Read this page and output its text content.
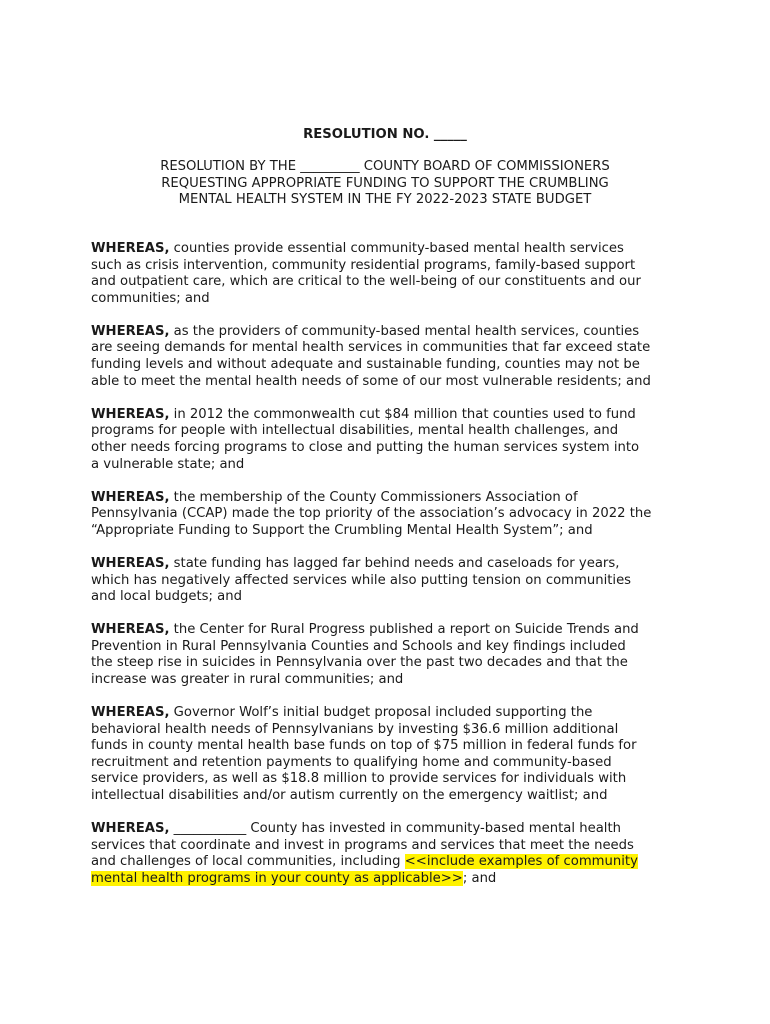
RESOLUTION NO. _____
RESOLUTION BY THE _________ COUNTY BOARD OF COMMISSIONERS
REQUESTING APPROPRIATE FUNDING TO SUPPORT THE CRUMBLING
MENTAL HEALTH SYSTEM IN THE FY 2022-2023 STATE BUDGET

WHEREAS, counties provide essential community-based mental health services
such as crisis intervention, community residential programs, family-based support
and outpatient care, which are critical to the well-being of our constituents and our
communities; and

WHEREAS, as the providers of community-based mental health services, counties
are seeing demands for mental health services in communities that far exceed state
funding levels and without adequate and sustainable funding, counties may not be
able to meet the mental health needs of some of our most vulnerable residents; and

WHEREAS, in 2012 the commonwealth cut $84 million that counties used to fund
programs for people with intellectual disabilities, mental health challenges, and
other needs forcing programs to close and putting the human services system into
a vulnerable state; and

WHEREAS, the membership of the County Commissioners Association of
Pennsylvania (CCAP) made the top priority of the association’s advocacy in 2022 the
“Appropriate Funding to Support the Crumbling Mental Health System”; and

WHEREAS, state funding has lagged far behind needs and caseloads for years,
which has negatively affected services while also putting tension on communities
and local budgets; and

WHEREAS, the Center for Rural Progress published a report on Suicide Trends and
Prevention in Rural Pennsylvania Counties and Schools and key findings included
the steep rise in suicides in Pennsylvania over the past two decades and that the
increase was greater in rural communities; and

WHEREAS, Governor Wolf’s initial budget proposal included supporting the
behavioral health needs of Pennsylvanians by investing $36.6 million additional
funds in county mental health base funds on top of $75 million in federal funds for
recruitment and retention payments to qualifying home and community-based
service providers, as well as $18.8 million to provide services for individuals with
intellectual disabilities and/or autism currently on the emergency waitlist; and

WHEREAS, ___________ County has invested in community-based mental health
services that coordinate and invest in programs and services that meet the needs
and challenges of local communities, including <<include examples of community
mental health programs in your county as applicable>>; and
